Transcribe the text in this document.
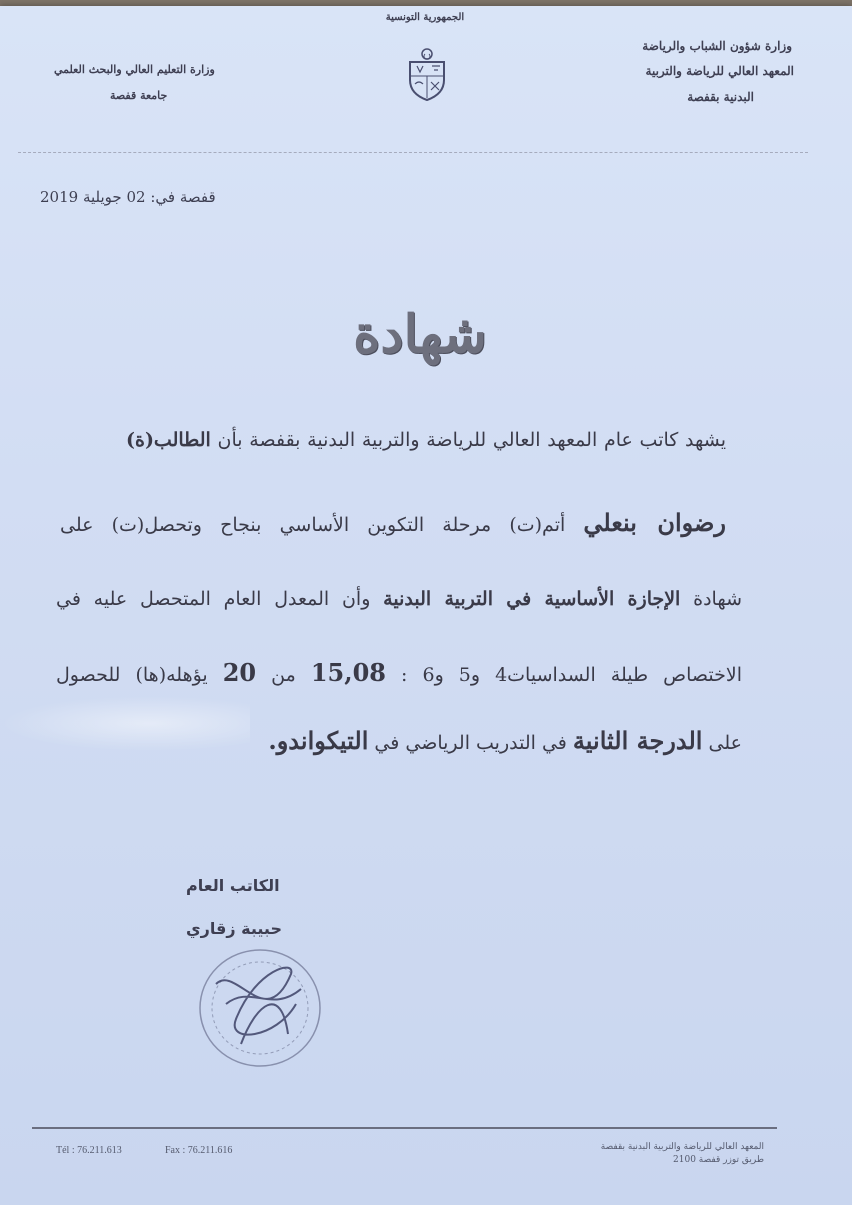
الجمهورية التونسية
وزارة شؤون الشباب والرياضة
المعهد العالي للرياضة والتربية
البدنية بقفصة
وزارة التعليم العالي والبحث العلمي
جامعة قفصة
قفصة في: 02 جويلية 2019
شهادة
يشهد كاتب عام المعهد العالي للرياضة والتربية البدنية بقفصة بأن الطالب(ة)
رضوان بنعلي أتم(ت) مرحلة التكوين الأساسي بنجاح وتحصل(ت) على
شهادة الإجازة الأساسية في التربية البدنية وأن المعدل العام المتحصل عليه في
الاختصاص طيلة السداسيات4 و5 و6 : 15,08 من 20 يؤهله(ها) للحصول
على الدرجة الثانية في التدريب الرياضي في التيكواندو.
الكاتب العام
حبيبة زقاري
Tél : 76.211.613	Fax : 76.211.616	المعهد العالي للرياضة والتربية البدنية بقفصة
طريق توزر قفصة 2100
